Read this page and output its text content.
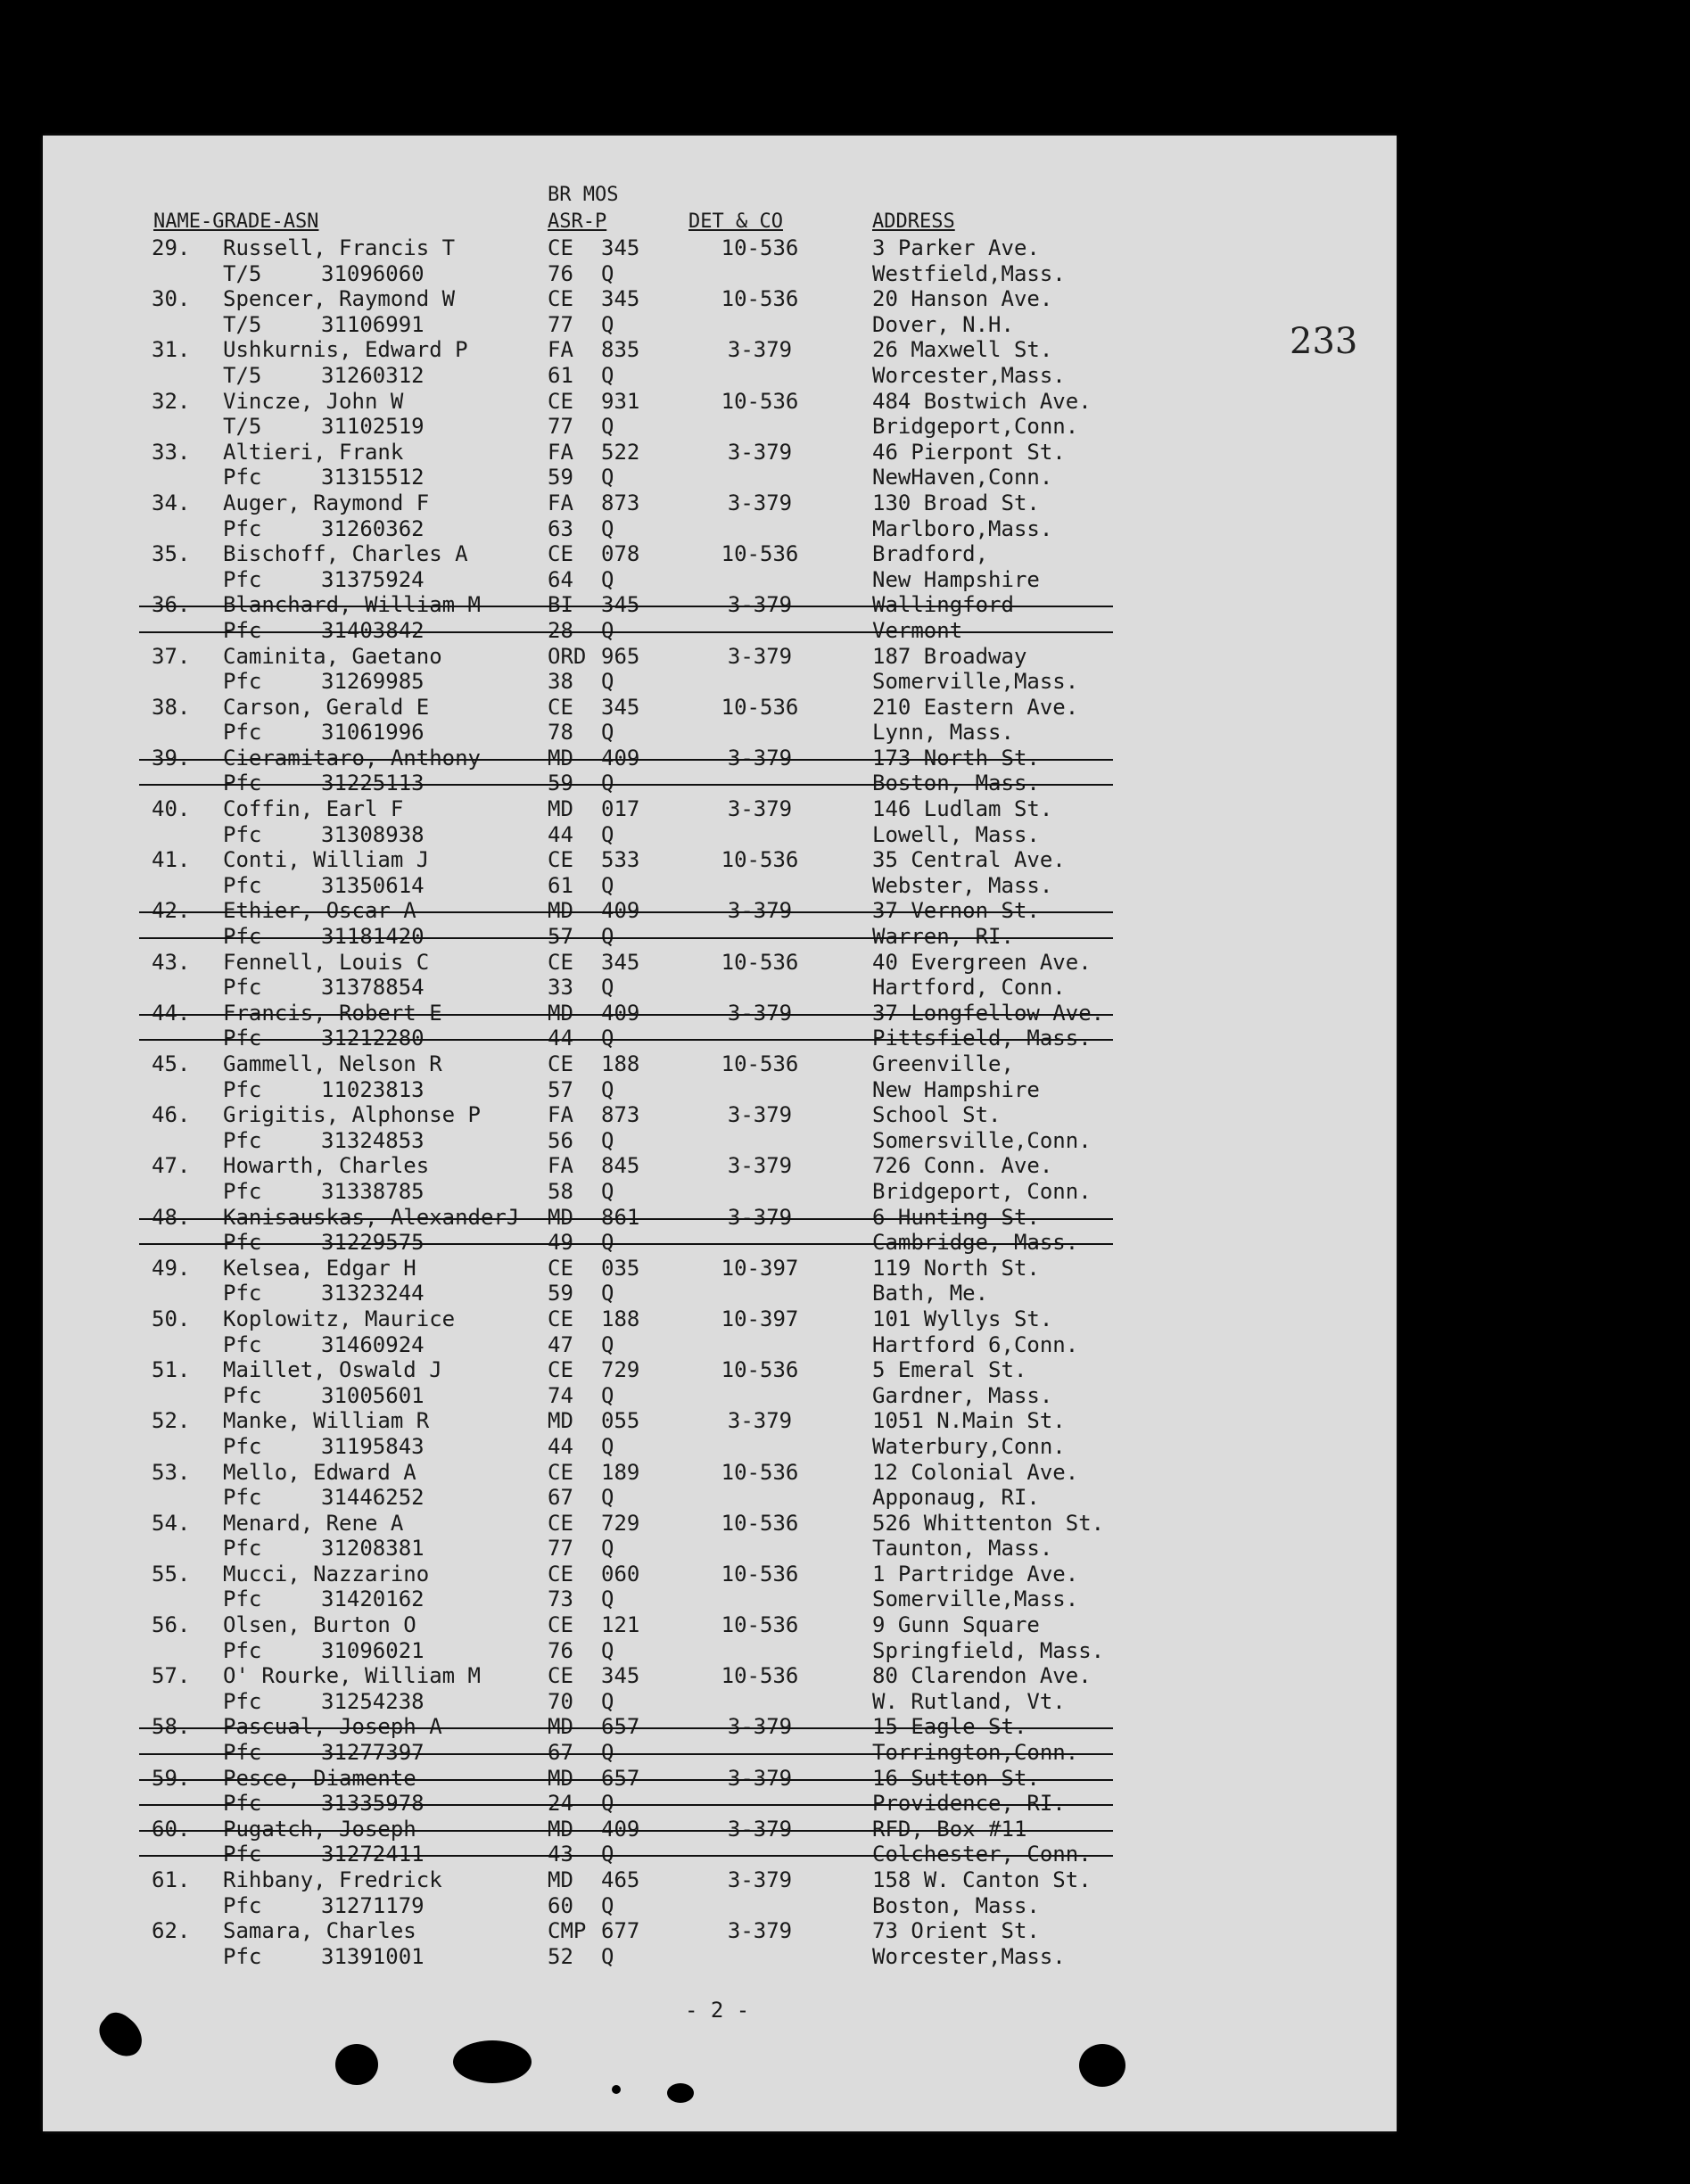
233
BR MOS
NAME-GRADE-ASN	ASR-P	DET & CO	ADDRESS
29. Russell, Francis T	CE 345	10-536	3 Parker Ave.
T/5	31096060	76 Q	Westfield,Mass.
30. Spencer, Raymond W	CE 345	10-536	20 Hanson Ave.
T/5	31106991	77 Q	Dover, N.H.
31. Ushkurnis, Edward P	FA 835	3-379	26 Maxwell St.
T/5	31260312	61 Q	Worcester,Mass.
32. Vincze, John W	CE 931	10-536	484 Bostwich Ave.
T/5	31102519	77 Q	Bridgeport,Conn.
33. Altieri, Frank	FA 522	3-379	46 Pierpont St.
Pfc	31315512	59 Q	NewHaven,Conn.
34. Auger, Raymond F	FA 873	3-379	130 Broad St.
Pfc	31260362	63 Q	Marlboro,Mass.
35. Bischoff, Charles A	CE 078	10-536	Bradford,
Pfc	31375924	64 Q	New Hampshire
36. Blanchard, William M	BI 345	3-379	Wallingford
Pfc	31403842	28 Q	Vermont
37. Caminita, Gaetano	ORD 965	3-379	187 Broadway
Pfc	31269985	38 Q	Somerville,Mass.
38. Carson, Gerald E	CE 345	10-536	210 Eastern Ave.
Pfc	31061996	78 Q	Lynn, Mass.
39. Cieramitaro, Anthony	MD 409	3-379	173 North St.
Pfc	31225113	59 Q	Boston, Mass.
40. Coffin, Earl F	MD 017	3-379	146 Ludlam St.
Pfc	31308938	44 Q	Lowell, Mass.
41. Conti, William J	CE 533	10-536	35 Central Ave.
Pfc	31350614	61 Q	Webster, Mass.
42. Ethier, Oscar A	MD 409	3-379	37 Vernon St.
Pfc	31181420	57 Q	Warren, RI.
43. Fennell, Louis C	CE 345	10-536	40 Evergreen Ave.
Pfc	31378854	33 Q	Hartford, Conn.
44. Francis, Robert E	MD 409	3-379	37 Longfellow Ave.
Pfc	31212280	44 Q	Pittsfield, Mass.
45. Gammell, Nelson R	CE 188	10-536	Greenville,
Pfc	11023813	57 Q	New Hampshire
46. Grigitis, Alphonse P	FA 873	3-379	School St.
Pfc	31324853	56 Q	Somersville,Conn.
47. Howarth, Charles	FA 845	3-379	726 Conn. Ave.
Pfc	31338785	58 Q	Bridgeport, Conn.
48. Kanisauskas, AlexanderJ MD 861	3-379	6 Hunting St.
Pfc	31229575	49 Q	Cambridge, Mass.
49. Kelsea, Edgar H	CE 035	10-397	119 North St.
Pfc	31323244	59 Q	Bath, Me.
50. Koplowitz, Maurice	CE 188	10-397	101 Wyllys St.
Pfc	31460924	47 Q	Hartford 6,Conn.
51. Maillet, Oswald J	CE 729	10-536	5 Emeral St.
Pfc	31005601	74 Q	Gardner, Mass.
52. Manke, William R	MD 055	3-379	1051 N.Main St.
Pfc	31195843	44 Q	Waterbury,Conn.
53. Mello, Edward A	CE 189	10-536	12 Colonial Ave.
Pfc	31446252	67 Q	Apponaug, RI.
54. Menard, Rene A	CE 729	10-536	526 Whittenton St.
Pfc	31208381	77 Q	Taunton, Mass.
55. Mucci, Nazzarino	CE 060	10-536	1 Partridge Ave.
Pfc	31420162	73 Q	Somerville,Mass.
56. Olsen, Burton O	CE 121	10-536	9 Gunn Square
Pfc	31096021	76 Q	Springfield, Mass.
57. O' Rourke, William M	CE 345	10-536	80 Clarendon Ave.
Pfc	31254238	70 Q	W. Rutland, Vt.
58. Pascual, Joseph A	MD 657	3-379	15 Eagle St.
Pfc	31277397	67 Q	Torrington,Conn.
59. Pesce, Diamente	MD 657	3-379	16 Sutton St.
Pfc	31335978	24 Q	Providence, RI.
60. Pugatch, Joseph	MD 409	3-379	RFD, Box #11
Pfc	31272411	43 Q	Colchester, Conn.
61. Rihbany, Fredrick	MD 465	3-379	158 W. Canton St.
Pfc	31271179	60 Q	Boston, Mass.
62. Samara, Charles	CMP 677	3-379	73 Orient St.
Pfc	31391001	52 Q	Worcester,Mass.
- 2 -
